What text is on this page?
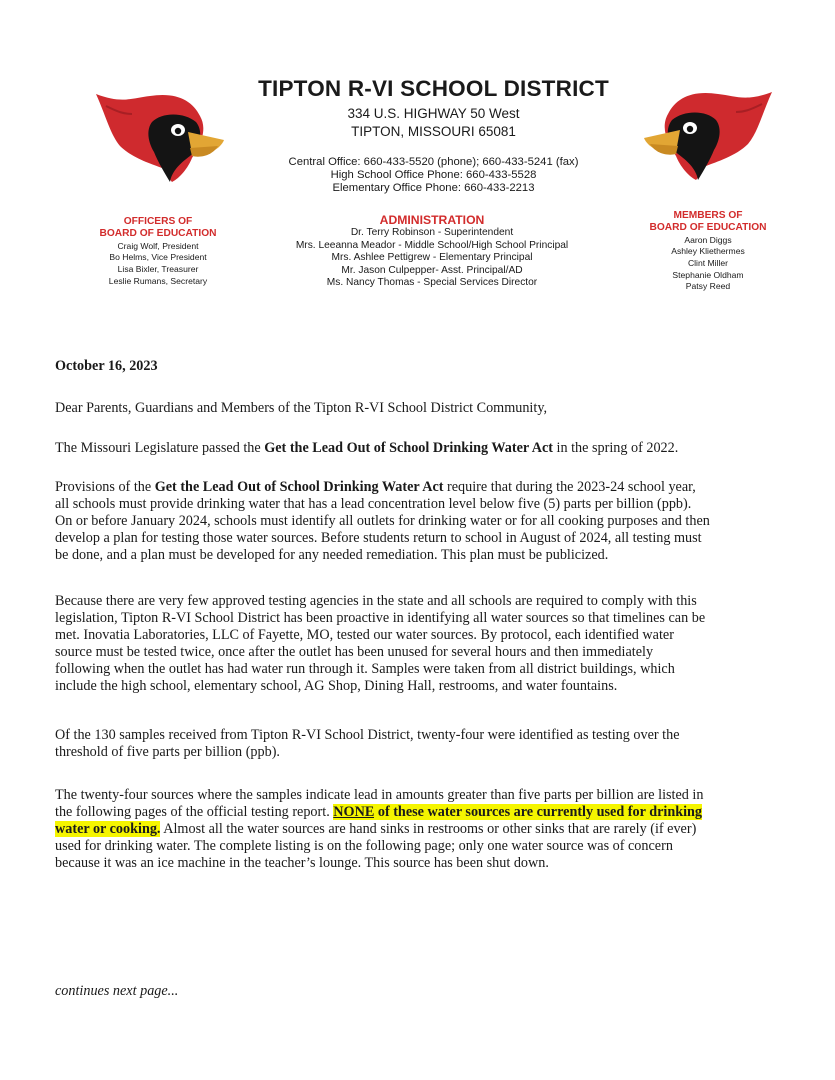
TIPTON R-VI SCHOOL DISTRICT
334 U.S. HIGHWAY 50 West
TIPTON, MISSOURI 65081
Central Office: 660-433-5520 (phone); 660-433-5241 (fax)
High School Office Phone: 660-433-5528
Elementary Office Phone: 660-433-2213
OFFICERS OF
BOARD OF EDUCATION
Craig Wolf, President
Bo Helms, Vice President
Lisa Bixler, Treasurer
Leslie Rumans, Secretary
ADMINISTRATION
Dr. Terry Robinson - Superintendent
Mrs. Leeanna Meador - Middle School/High School Principal
Mrs. Ashlee Pettigrew - Elementary Principal
Mr. Jason Culpepper- Asst. Principal/AD
Ms. Nancy Thomas - Special Services Director
MEMBERS OF
BOARD OF EDUCATION
Aaron Diggs
Ashley Kliethermes
Clint Miller
Stephanie Oldham
Patsy Reed
October 16, 2023
Dear Parents, Guardians and Members of the Tipton R-VI School District Community,
The Missouri Legislature passed the Get the Lead Out of School Drinking Water Act in the spring of 2022.
Provisions of the Get the Lead Out of School Drinking Water Act require that during the 2023-24 school year,
all schools must provide drinking water that has a lead concentration level below five (5) parts per billion (ppb).
On or before January 2024, schools must identify all outlets for drinking water or for all cooking purposes and then
develop a plan for testing those water sources. Before students return to school in August of 2024, all testing must
be done, and a plan must be developed for any needed remediation. This plan must be publicized.
Because there are very few approved testing agencies in the state and all schools are required to comply with this
legislation, Tipton R-VI School District has been proactive in identifying all water sources so that timelines can be
met. Inovatia Laboratories, LLC of Fayette, MO, tested our water sources. By protocol, each identified water
source must be tested twice, once after the outlet has been unused for several hours and then immediately
following when the outlet has had water run through it. Samples were taken from all district buildings, which
include the high school, elementary school, AG Shop, Dining Hall, restrooms, and water fountains.
Of the 130 samples received from Tipton R-VI School District, twenty-four were identified as testing over the
threshold of five parts per billion (ppb).
The twenty-four sources where the samples indicate lead in amounts greater than five parts per billion are listed in
the following pages of the official testing report. NONE of these water sources are currently used for drinking
water or cooking. Almost all the water sources are hand sinks in restrooms or other sinks that are rarely (if ever)
used for drinking water. The complete listing is on the following page; only one water source was of concern
because it was an ice machine in the teacher’s lounge. This source has been shut down.
continues next page...
